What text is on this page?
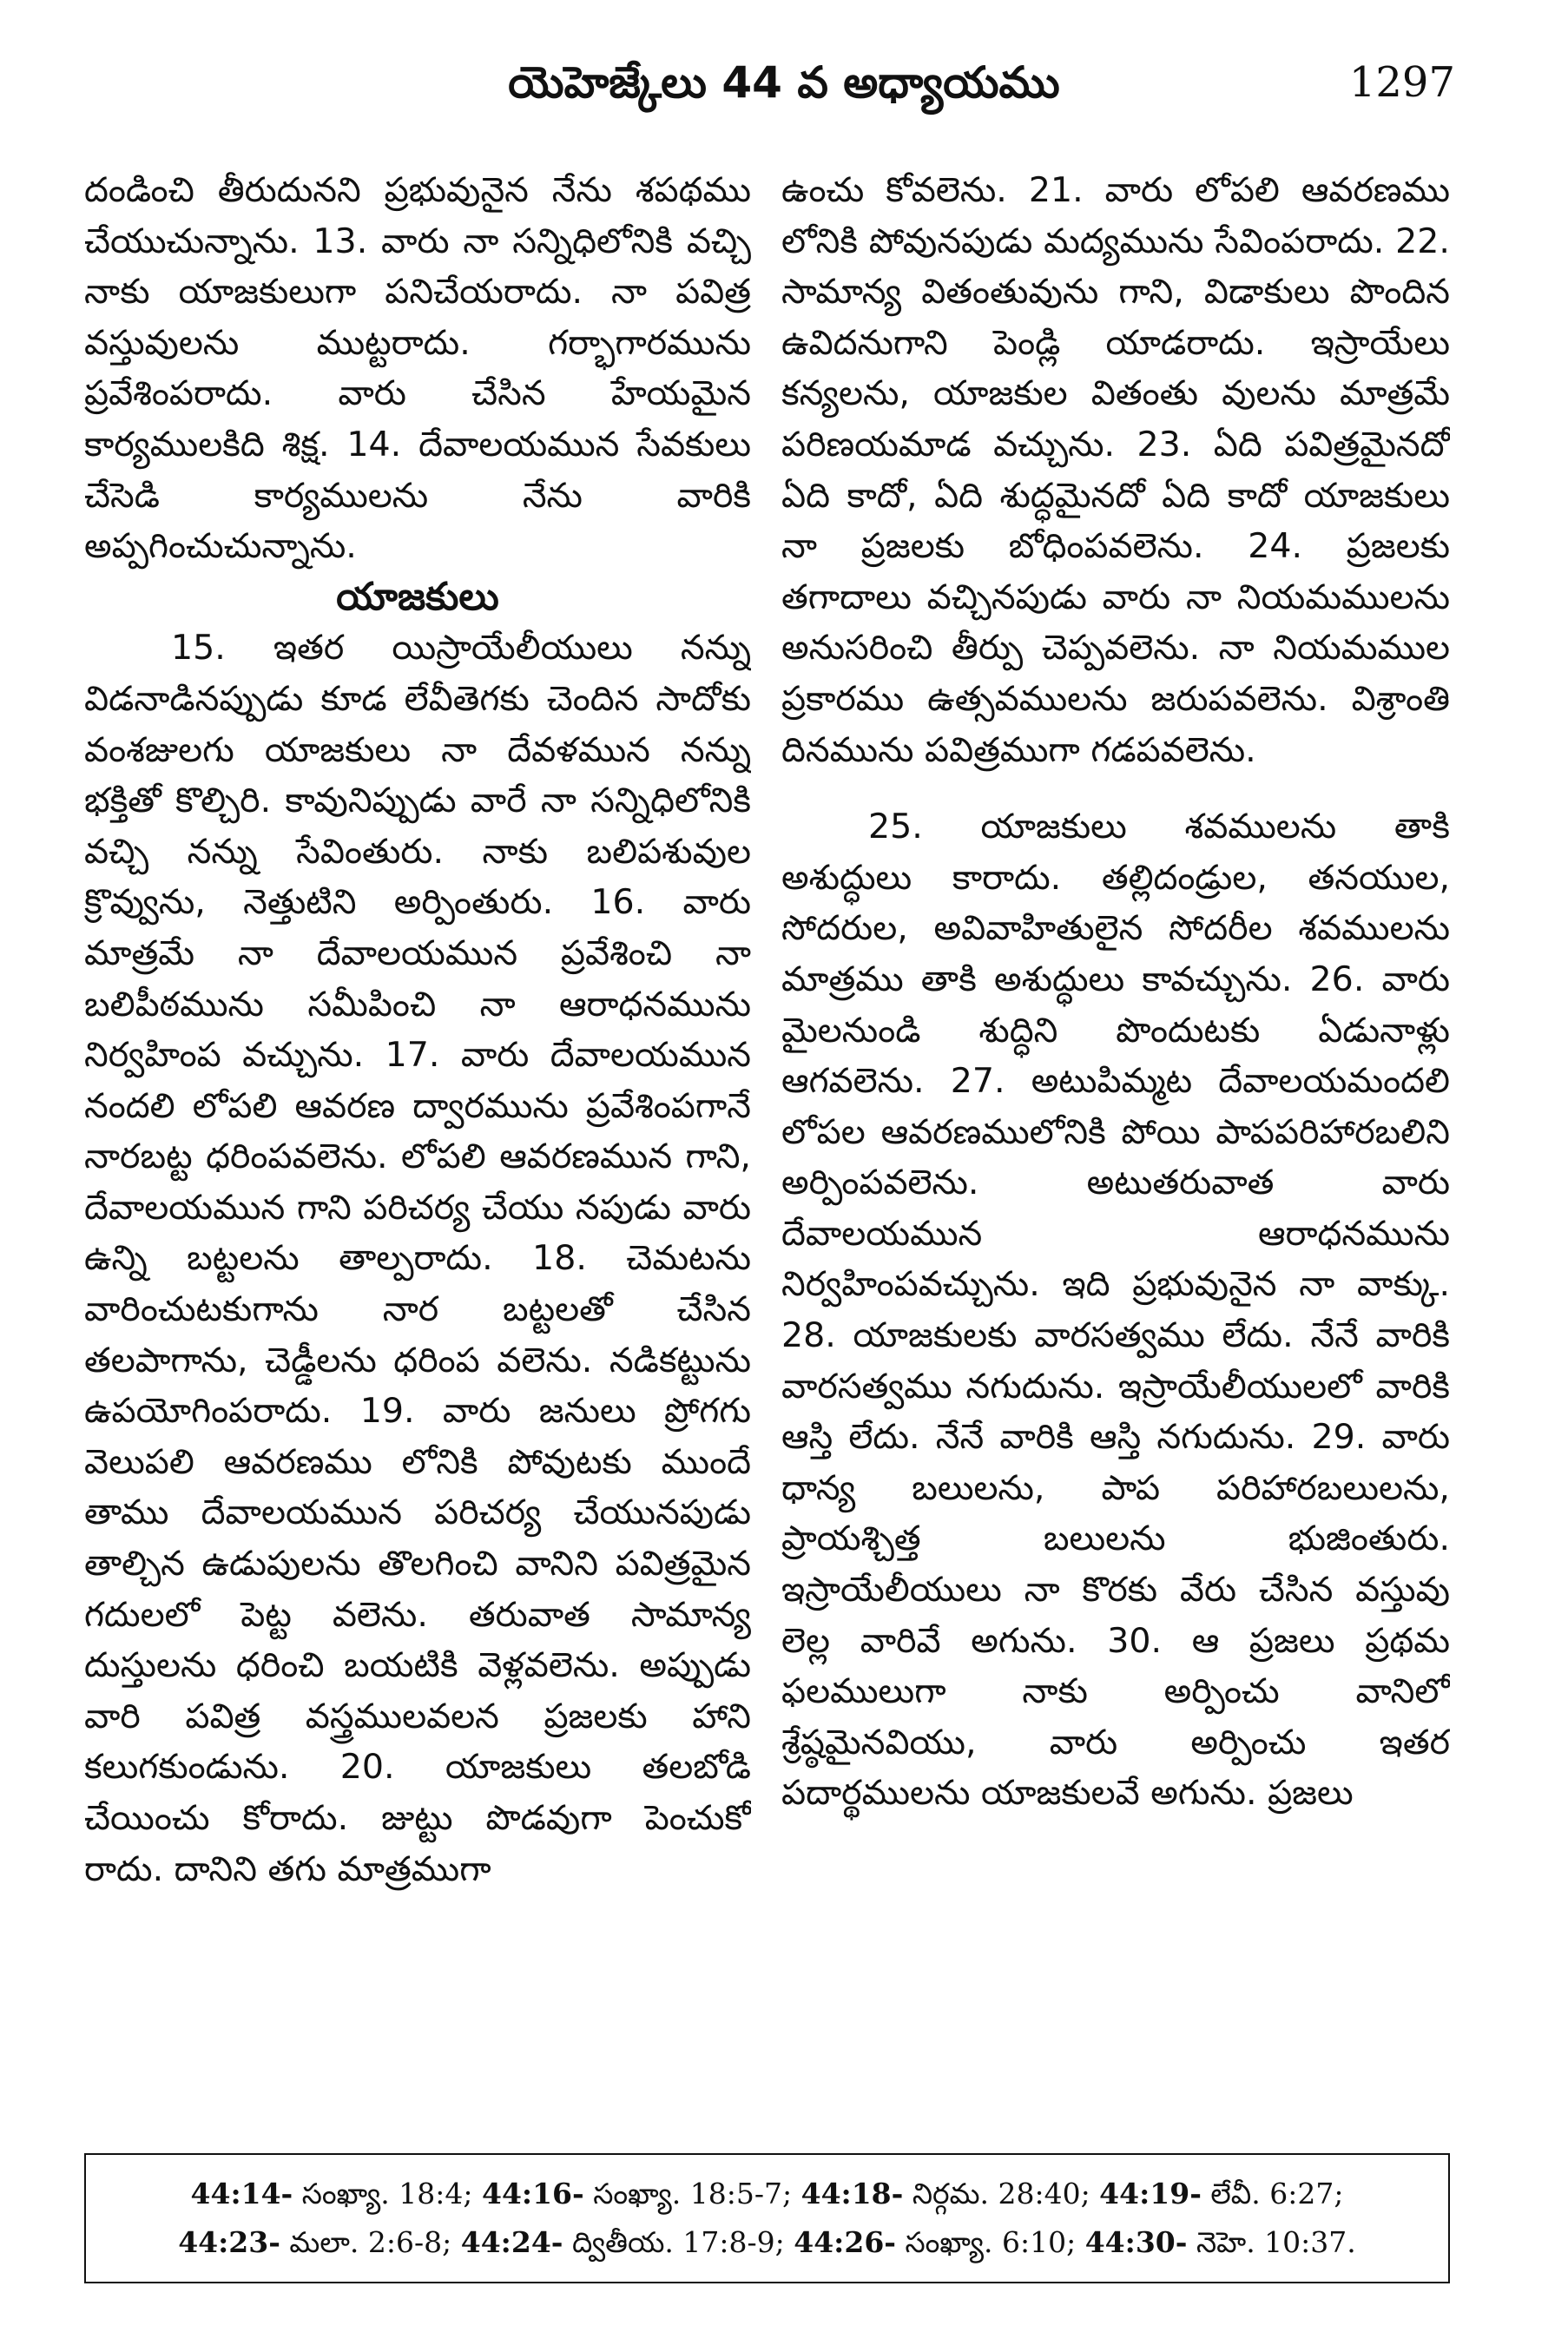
యెహెజ్కేలు 44 వ అధ్యాయము	1297

దండించి తీరుదునని ప్రభువునైన నేను శపథము చేయుచున్నాను. 13. వారు నా సన్నిధిలోనికి వచ్చి నాకు యాజకులుగా పనిచేయరాదు. నా పవిత్ర వస్తువులను ముట్టరాదు. గర్భాగారమును ప్రవేశింపరాదు. వారు చేసిన హేయమైన కార్యములకిది శిక్ష. 14. దేవాలయమున సేవకులు చేసెడి కార్యములను నేను వారికి అప్పగించుచున్నాను.

యాజకులు

15. ఇతర యిస్రాయేలీయులు నన్ను విడనాడినప్పుడు కూడ లేవీతెగకు చెందిన సాదోకు వంశజులగు యాజకులు నా దేవళమున నన్ను భక్తితో కొల్చిరి. కావునిప్పుడు వారే నా సన్నిధిలోనికి వచ్చి నన్ను సేవింతురు. నాకు బలిపశువుల క్రొవ్వును, నెత్తుటిని అర్పింతురు. 16. వారు మాత్రమే నా దేవాలయమున ప్రవేశించి నా బలిపీఠమును సమీపించి నా ఆరాధనమును నిర్వహింప వచ్చును. 17. వారు దేవాలయమున నందలి లోపలి ఆవరణ ద్వారమును ప్రవేశింపగానే నారబట్ట ధరింపవలెను. లోపలి ఆవరణమున గాని, దేవాలయమున గాని పరిచర్య చేయు నపుడు వారు ఉన్ని బట్టలను తాల్పరాదు. 18. చెమటను వారించుటకుగాను నార బట్టలతో చేసిన తలపాగాను, చెడ్డీలను ధరింప వలెను. నడికట్టును ఉపయోగింపరాదు. 19. వారు జనులు ప్రోగగు వెలుపలి ఆవరణము లోనికి పోవుటకు ముందే తాము దేవాలయమున పరిచర్య చేయునపుడు తాల్చిన ఉడుపులను తొలగించి వానిని పవిత్రమైన గదులలో పెట్ట వలెను. తరువాత సామాన్య దుస్తులను ధరించి బయటికి వెళ్లవలెను. అప్పుడు వారి పవిత్ర వస్త్రములవలన ప్రజలకు హాని కలుగకుండును. 20. యాజకులు తలబోడి చేయించు కోరాదు. జుట్టు పొడవుగా పెంచుకో రాదు. దానిని తగు మాత్రముగా

ఉంచు కోవలెను. 21. వారు లోపలి ఆవరణము లోనికి పోవునపుడు మద్యమును సేవింపరాదు. 22. సామాన్య వితంతువును గాని, విడాకులు పొందిన ఉవిదనుగాని పెండ్లి యాడరాదు. ఇస్రాయేలు కన్యలను, యాజకుల వితంతు వులను మాత్రమే పరిణయమాడ వచ్చును. 23. ఏది పవిత్రమైనదో ఏది కాదో, ఏది శుద్ధమైనదో ఏది కాదో యాజకులు నా ప్రజలకు బోధింపవలెను. 24. ప్రజలకు తగాదాలు వచ్చినపుడు వారు నా నియమములను అనుసరించి తీర్పు చెప్పవలెను. నా నియమముల ప్రకారము ఉత్సవములను జరుపవలెను. విశ్రాంతి దినమును పవిత్రముగా గడపవలెను.

25. యాజకులు శవములను తాకి అశుద్ధులు కారాదు. తల్లిదండ్రుల, తనయుల, సోదరుల, అవివాహితులైన సోదరీల శవములను మాత్రము తాకి అశుద్ధులు కావచ్చును. 26. వారు మైలనుండి శుద్ధిని పొందుటకు ఏడునాళ్లు ఆగవలెను. 27. అటుపిమ్మట దేవాలయమందలి లోపల ఆవరణములోనికి పోయి పాపపరిహారబలిని అర్పింపవలెను. అటుతరువాత వారు దేవాలయమున ఆరాధనమును నిర్వహింపవచ్చును. ఇది ప్రభువునైన నా వాక్కు. 28. యాజకులకు వారసత్వము లేదు. నేనే వారికి వారసత్వము నగుదును. ఇస్రాయేలీయులలో వారికి ఆస్తి లేదు. నేనే వారికి ఆస్తి నగుదును. 29. వారు ధాన్య బలులను, పాప పరిహారబలులను, ప్రాయశ్చిత్త బలులను భుజింతురు. ఇస్రాయేలీయులు నా కొరకు వేరు చేసిన వస్తువు లెల్ల వారివే అగును. 30. ఆ ప్రజలు ప్రథమ ఫలములుగా నాకు అర్పించు వానిలో శ్రేష్ఠమైనవియు, వారు అర్పించు ఇతర పదార్థములను యాజకులవే అగును. ప్రజలు

44:14- సంఖ్యా. 18:4; 44:16- సంఖ్యా. 18:5-7; 44:18- నిర్గమ. 28:40; 44:19- లేవీ. 6:27;
44:23- మలా. 2:6-8; 44:24- ద్వితీయ. 17:8-9; 44:26- సంఖ్యా. 6:10; 44:30- నెహె. 10:37.
